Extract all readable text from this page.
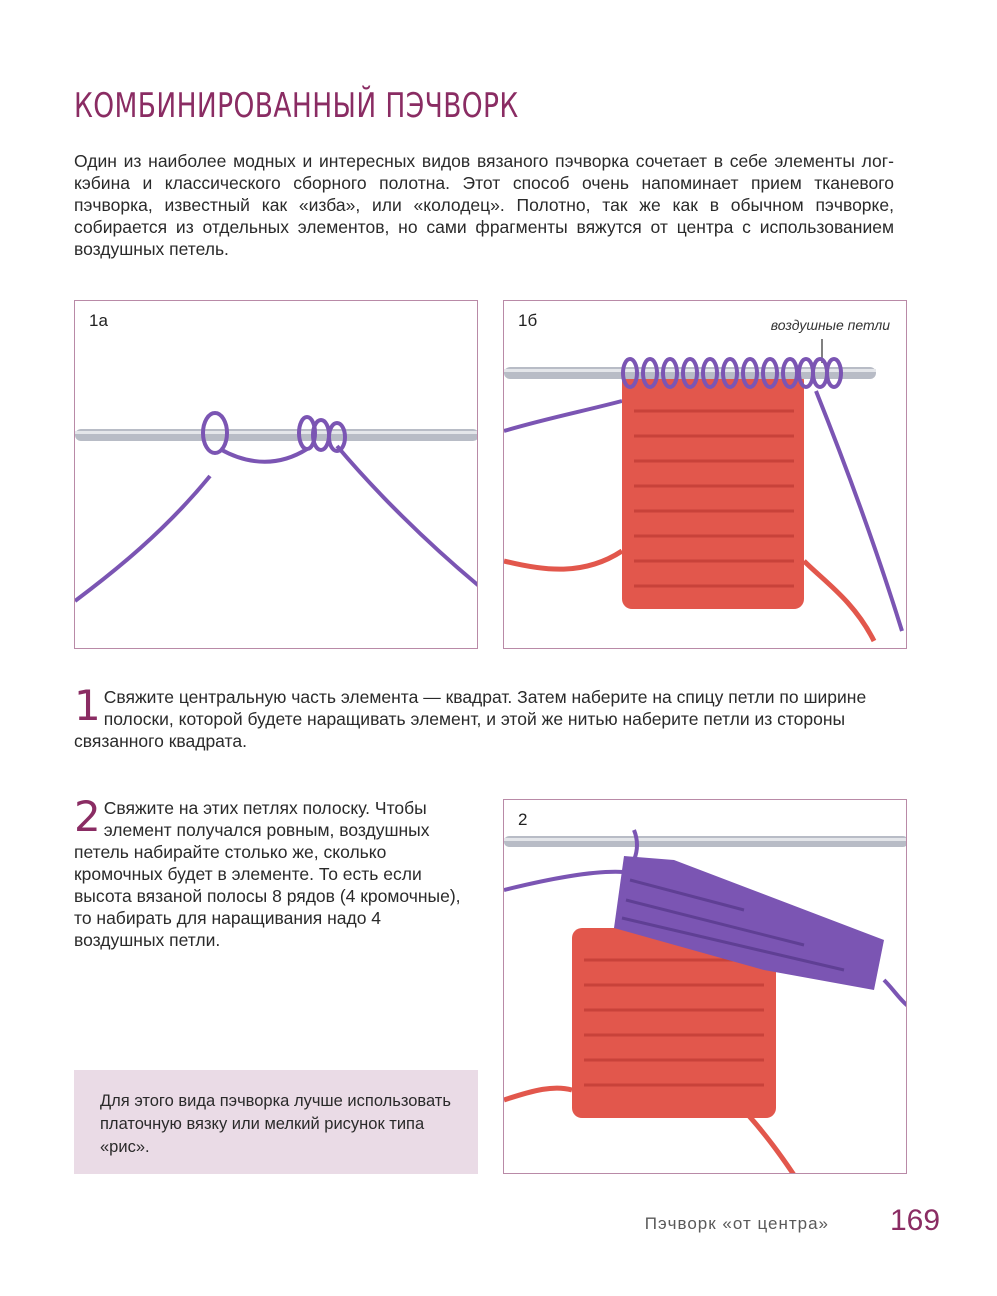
КОМБИНИРОВАННЫЙ ПЭЧВОРК
Один из наиболее модных и интересных видов вязаного пэчворка сочетает в себе элементы лог-кэбина и классического сборного полотна. Этот способ очень напоминает прием тканевого пэчворка, известный как «изба», или «колодец». Полотно, так же как в обычном пэчворке, собирается из отдельных элементов, но сами фрагменты вяжутся от центра с использованием воздушных петель.
1а	1б	воздушные петли
1 Свяжите центральную часть элемента — квадрат. Затем наберите на спицу петли по ширине полоски, которой будете наращивать элемент, и этой же нитью наберите петли из стороны связанного квадрата.
2 Свяжите на этих петлях полоску. Чтобы элемент получался ровным, воздушных петель набирайте столько же, сколько кромочных будет в элементе. То есть если высота вязаной полосы 8 рядов (4 кромочные), то набирать для наращивания надо 4 воздушных петли.
2
Для этого вида пэчворка лучше использовать платочную вязку или мелкий рисунок типа «рис».
Пэчворк «от центра» 169
